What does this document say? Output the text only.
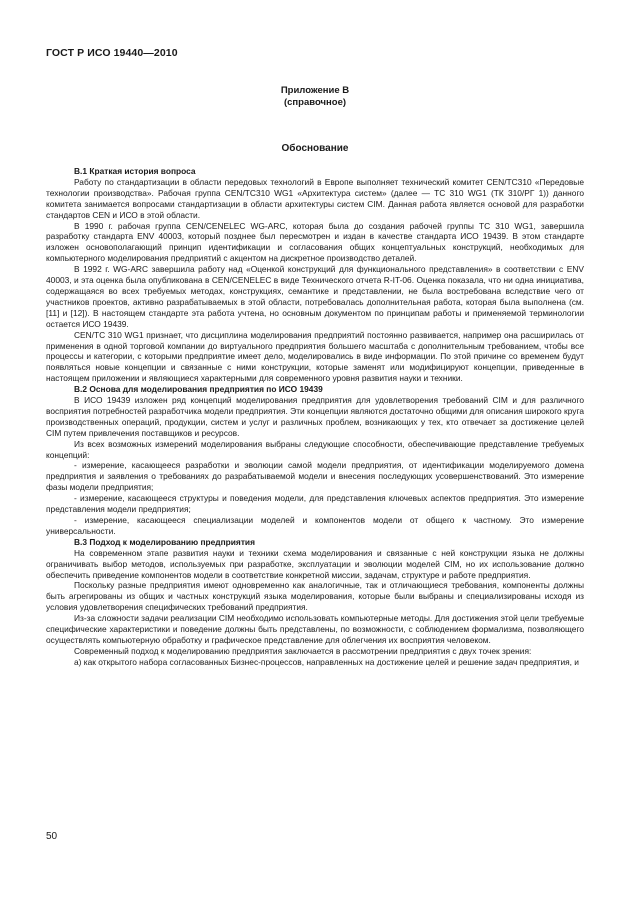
ГОСТ Р ИСО 19440—2010
Приложение В
(справочное)
Обоснование
В.1 Краткая история вопроса

Работу по стандартизации в области передовых технологий в Европе выполняет технический комитет CEN/TC310 «Передовые технологии производства». Рабочая группа CEN/TC310 WG1 «Архитектура систем» (далее — ТС 310 WG1 (ТК 310/РГ 1)) данного комитета занимается вопросами стандартизации в области архитектуры систем CIM. Данная работа является основой для разработки стандартов CEN и ИСО в этой области.

В 1990 г. рабочая группа CEN/CENELEC WG-ARC, которая была до создания рабочей группы ТС 310 WG1, завершила разработку стандарта ENV 40003, который позднее был пересмотрен и издан в качестве стандарта ИСО 19439. В этом стандарте изложен основополагающий принцип идентификации и согласования общих концептуальных конструкций, необходимых для компьютерного моделирования предприятий с акцентом на дискретное производство деталей.

В 1992 г. WG-ARC завершила работу над «Оценкой конструкций для функционального представления» в соответствии с ENV 40003, и эта оценка была опубликована в CEN/CENELEC в виде Технического отчета R-IT-06. Оценка показала, что ни одна инициатива, содержащаяся во всех требуемых методах, конструкциях, семантике и представлении, не была востребована вследствие чего от участников проектов, активно разрабатываемых в этой области, потребовалась дополнительная работа, которая была выполнена (см. [11] и [12]). В настоящем стандарте эта работа учтена, но основным документом по принципам работы и применяемой терминологии остается ИСО 19439.

CEN/TC 310 WG1 признает, что дисциплина моделирования предприятий постоянно развивается, например она расширилась от применения в одной торговой компании до виртуального предприятия большего масштаба с дополнительным требованием, чтобы все процессы и категории, с которыми предприятие имеет дело, моделировались в виде информации. По этой причине со временем будут появляться новые концепции и связанные с ними конструкции, которые заменят или модифицируют концепции, приведенные в настоящем приложении и являющиеся характерными для современного уровня развития науки и техники.

В.2 Основа для моделирования предприятия по ИСО 19439

В ИСО 19439 изложен ряд концепций моделирования предприятия для удовлетворения требований CIM и для различного восприятия потребностей разработчика модели предприятия. Эти концепции являются достаточно общими для описания широкого круга производственных операций, продукции, систем и услуг и различных проблем, возникающих у тех, кто отвечает за достижение целей CIM путем привлечения поставщиков и ресурсов.

Из всех возможных измерений моделирования выбраны следующие способности, обеспечивающие представление требуемых концепций:

- измерение, касающееся разработки и эволюции самой модели предприятия, от идентификации моделируемого домена предприятия и заявления о требованиях до разрабатываемой модели и внесения последующих усовершенствований. Это измерение фазы модели предприятия;

- измерение, касающееся структуры и поведения модели, для представления ключевых аспектов предприятия. Это измерение представления модели предприятия;

- измерение, касающееся специализации моделей и компонентов модели от общего к частному. Это измерение универсальности.

В.3 Подход к моделированию предприятия

На современном этапе развития науки и техники схема моделирования и связанные с ней конструкции языка не должны ограничивать выбор методов, используемых при разработке, эксплуатации и эволюции моделей CIM, но их использование должно обеспечить приведение компонентов модели в соответствие конкретной миссии, задачам, структуре и работе предприятия.

Поскольку разные предприятия имеют одновременно как аналогичные, так и отличающиеся требования, компоненты должны быть агрегированы из общих и частных конструкций языка моделирования, которые были выбраны и специализированы исходя из условия удовлетворения специфических требований предприятия.

Из-за сложности задачи реализации CIM необходимо использовать компьютерные методы. Для достижения этой цели требуемые специфические характеристики и поведение должны быть представлены, по возможности, с соблюдением формализма, позволяющего осуществлять компьютерную обработку и графическое представление для облегчения их восприятия человеком.

Современный подход к моделированию предприятия заключается в рассмотрении предприятия с двух точек зрения:

а) как открытого набора согласованных Бизнес-процессов, направленных на достижение целей и решение задач предприятия, и

50
